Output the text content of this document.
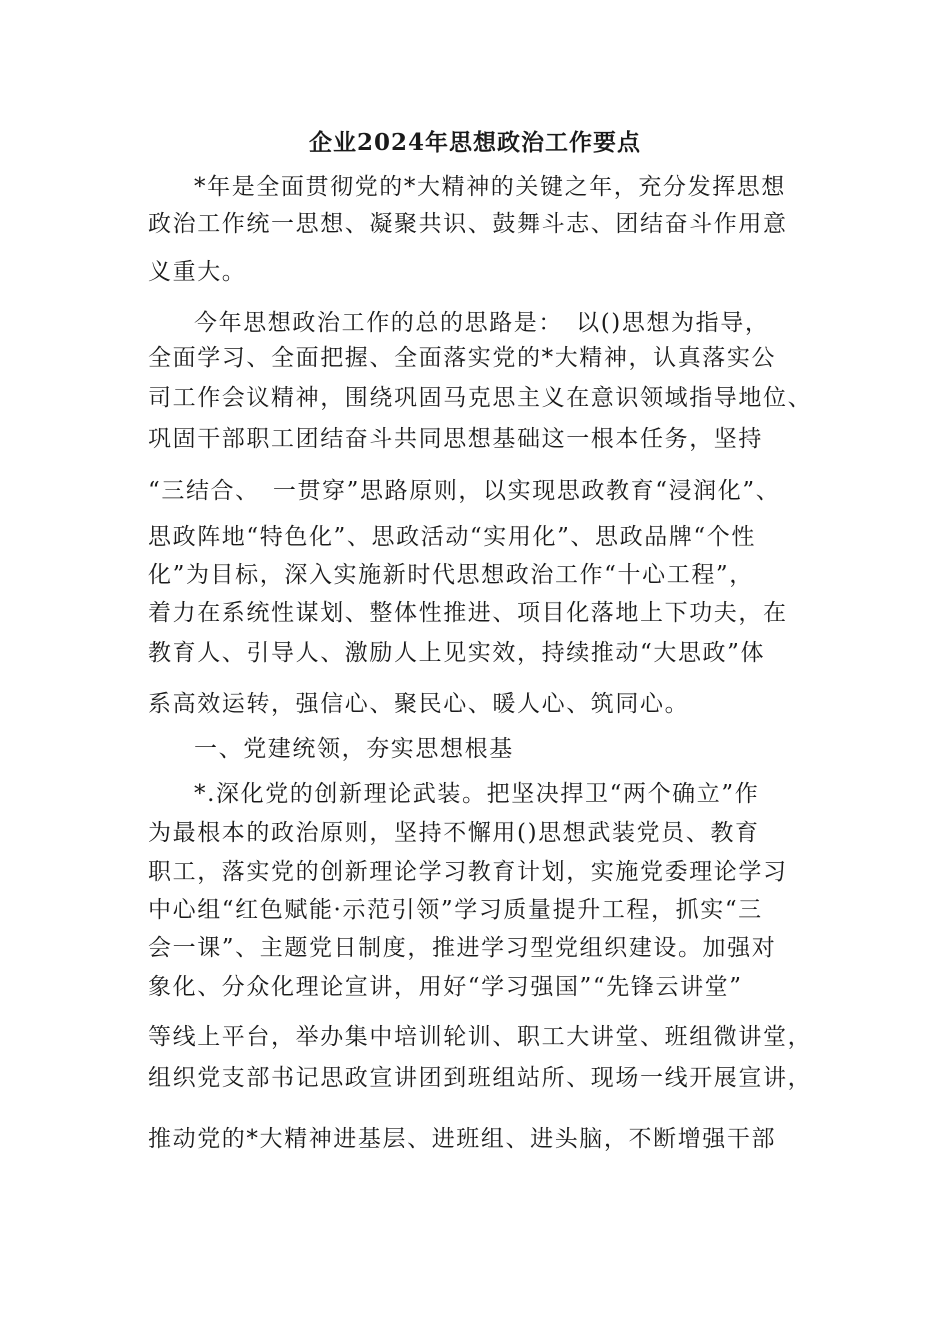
企业2024年思想政治工作要点
*年是全面贯彻党的*大精神的关键之年，充分发挥思想
政治工作统一思想、凝聚共识、鼓舞斗志、团结奋斗作用意
义重大。
今年思想政治工作的总的思路是：　以()思想为指导，
全面学习、全面把握、全面落实党的*大精神，认真落实公
司工作会议精神，围绕巩固马克思主义在意识领域指导地位、
巩固干部职工团结奋斗共同思想基础这一根本任务，坚持
“三结合、　一贯穿”思路原则，以实现思政教育“浸润化”、
思政阵地“特色化”、思政活动“实用化”、思政品牌“个性
化”为目标，深入实施新时代思想政治工作“十心工程”，
着力在系统性谋划、整体性推进、项目化落地上下功夫，在
教育人、引导人、激励人上见实效，持续推动“大思政”体
系高效运转，强信心、聚民心、暖人心、筑同心。
一、党建统领，夯实思想根基
*.深化党的创新理论武装。把坚决捍卫“两个确立”作
为最根本的政治原则，坚持不懈用()思想武装党员、教育
职工，落实党的创新理论学习教育计划，实施党委理论学习
中心组“红色赋能·示范引领”学习质量提升工程，抓实“三
会一课”、主题党日制度，推进学习型党组织建设。加强对
象化、分众化理论宣讲，用好“学习强国”“先锋云讲堂”
等线上平台，举办集中培训轮训、职工大讲堂、班组微讲堂，
组织党支部书记思政宣讲团到班组站所、现场一线开展宣讲，
推动党的*大精神进基层、进班组、进头脑，不断增强干部
